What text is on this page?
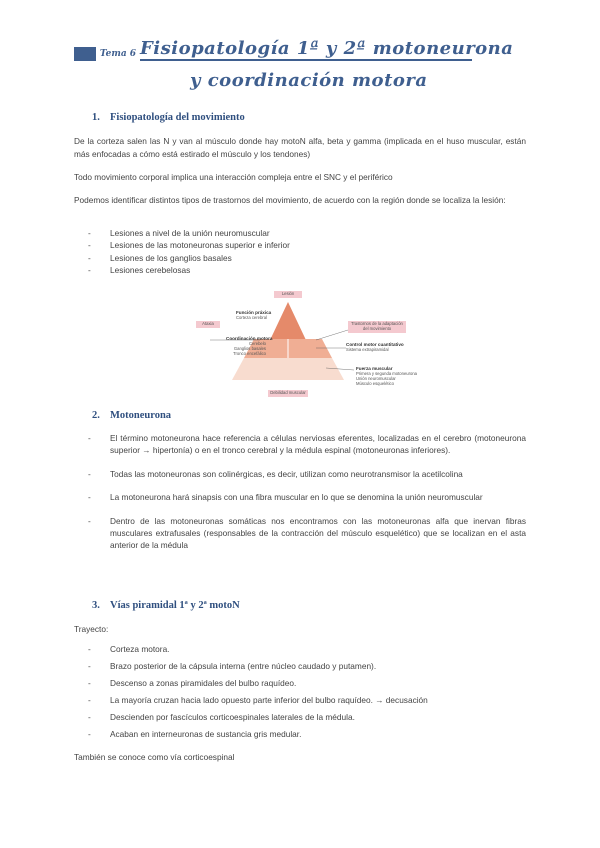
Tema 6 Fisiopatología 1ª y 2ª motoneurona
y coordinación motora
1. Fisiopatología del movimiento

De la corteza salen las N y van al músculo donde hay motoN alfa, beta y gamma (implicada en el huso muscular, están más enfocadas a cómo está estirado el músculo y los tendones)

Todo movimiento corporal implica una interacción compleja entre el SNC y el periférico

Podemos identificar distintos tipos de trastornos del movimiento, de acuerdo con la región donde se localiza la lesión:

- Lesiones a nivel de la unión neuromuscular
- Lesiones de las motoneuronas superior e inferior
- Lesiones de los ganglios basales
- Lesiones cerebelosas
Lesión
Ataxia	Trastornos de la adaptación del movimiento
Función práxica
Corteza cerebral
Coordinación motora
Cerebelo
Ganglios basales
Tronco encefálico
Control motor cuantitativo
Sistema extrapiramidal
Fuerza muscular
Primera y segunda motoneurona
Unión neuromuscular
Músculo esquelético
Debilidad muscular
2. Motoneurona
- El término motoneurona hace referencia a células nerviosas eferentes, localizadas en el cerebro (motoneurona superior → hipertonía) o en el tronco cerebral y la médula espinal (motoneuronas inferiores).
- Todas las motoneuronas son colinérgicas, es decir, utilizan como neurotransmisor la acetilcolina
- La motoneurona hará sinapsis con una fibra muscular en lo que se denomina la unión neuromuscular
- Dentro de las motoneuronas somáticas nos encontramos con las motoneuronas alfa que inervan fibras musculares extrafusales (responsables de la contracción del músculo esquelético) que se localizan en el asta anterior de la médula
3. Vías piramidal 1ª y 2ª motoN

Trayecto:

- Corteza motora.
- Brazo posterior de la cápsula interna (entre núcleo caudado y putamen).
- Descenso a zonas piramidales del bulbo raquídeo.
- La mayoría cruzan hacia lado opuesto parte inferior del bulbo raquídeo. → decusación
- Descienden por fascículos corticoespinales laterales de la médula.
- Acaban en interneuronas de sustancia gris medular.

También se conoce como vía corticoespinal
